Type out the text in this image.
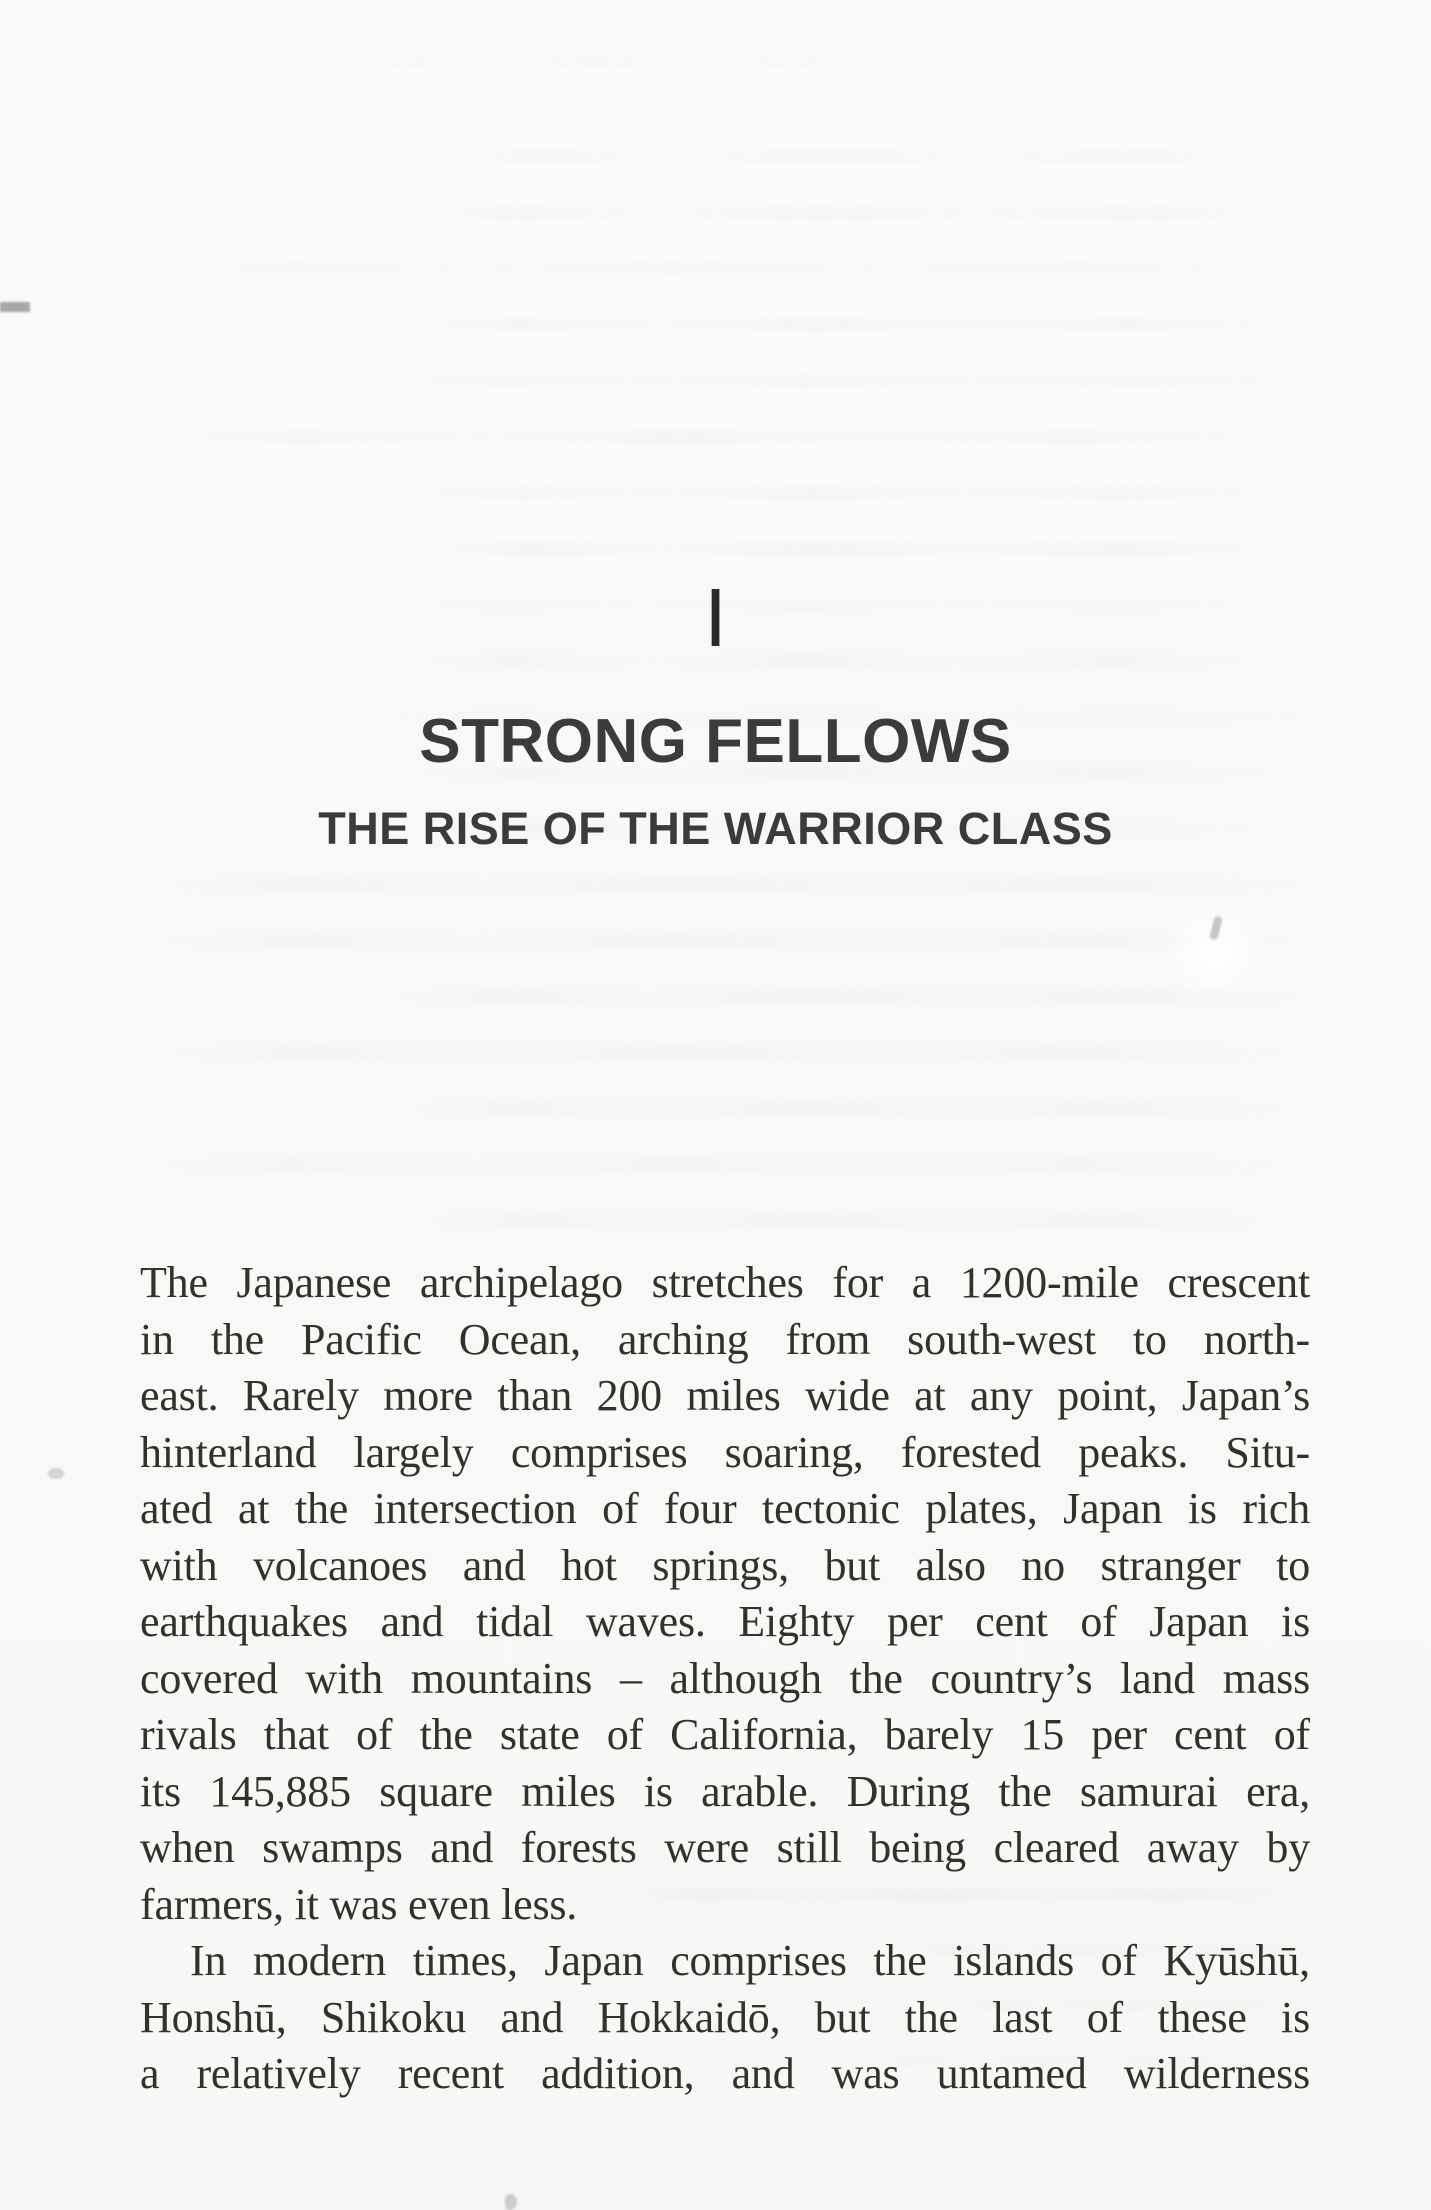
I
STRONG FELLOWS
THE RISE OF THE WARRIOR CLASS
The Japanese archipelago stretches for a 1200-mile crescent
in the Pacific Ocean, arching from south-west to north-
east. Rarely more than 200 miles wide at any point, Japan’s
hinterland largely comprises soaring, forested peaks. Situ-
ated at the intersection of four tectonic plates, Japan is rich
with volcanoes and hot springs, but also no stranger to
earthquakes and tidal waves. Eighty per cent of Japan is
covered with mountains – although the country’s land mass
rivals that of the state of California, barely 15 per cent of
its 145,885 square miles is arable. During the samurai era,
when swamps and forests were still being cleared away by
farmers, it was even less.
In modern times, Japan comprises the islands of Kyūshū,
Honshū, Shikoku and Hokkaidō, but the last of these is
a relatively recent addition, and was untamed wilderness
